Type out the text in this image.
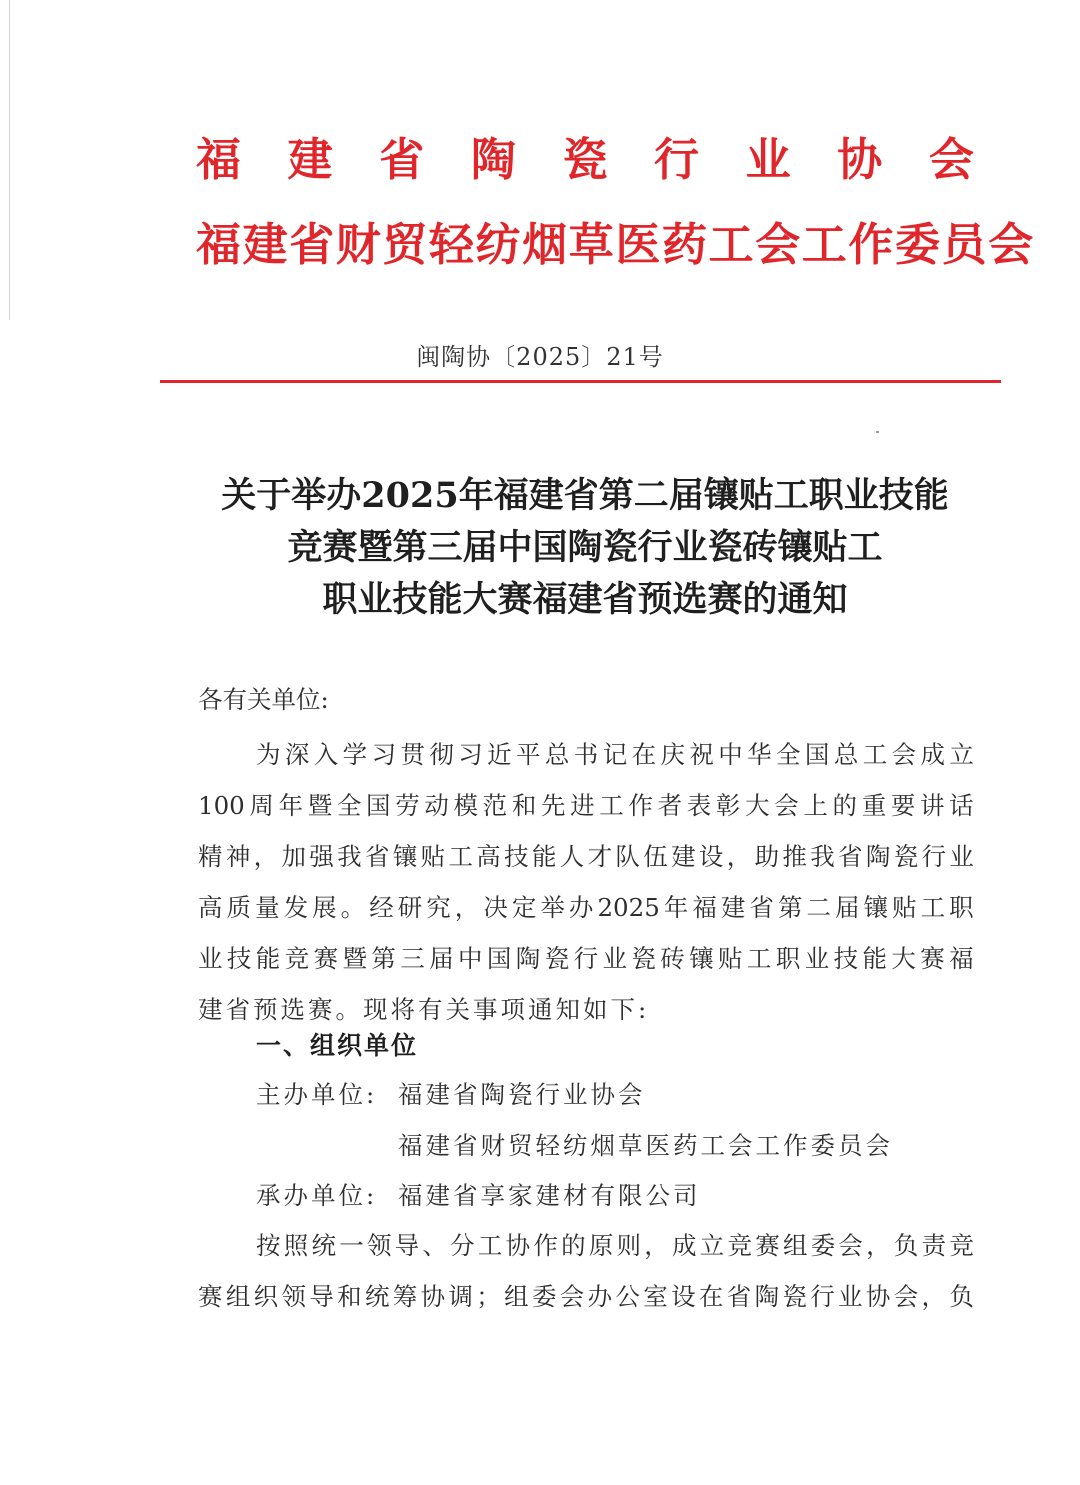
福 建 省 陶 瓷 行 业 协 会
福建省财贸轻纺烟草医药工会工作委员会
闽陶协〔2025〕21号
关于举办2025年福建省第二届镶贴工职业技能
竞赛暨第三届中国陶瓷行业瓷砖镶贴工
职业技能大赛福建省预选赛的通知
各有关单位:
为 深 入 学 习 贯 彻 习 近 平 总 书 记 在 庆 祝 中 华 全 国 总 工 会 成 立
100 周 年 暨 全 国 劳 动 模 范 和 先 进 工 作 者 表 彰 大 会 上 的 重 要 讲 话
精 神 ， 加 强 我 省 镶 贴 工 高 技 能 人 才 队 伍 建 设 ， 助 推 我 省 陶 瓷 行 业
高 质 量 发 展 。 经 研 究 ， 决 定 举 办 2025 年 福 建 省 第 二 届 镶 贴 工 职
业 技 能 竞 赛 暨 第 三 届 中 国 陶 瓷 行 业 瓷 砖 镶 贴 工 职 业 技 能 大 赛 福
建省预选赛。现将有关事项通知如下:
一、组织单位
主办单位: 福建省陶瓷行业协会
福建省财贸轻纺烟草医药工会工作委员会
承办单位: 福建省享家建材有限公司
按 照 统 一 领 导 、 分 工 协 作 的 原 则 ， 成 立 竞 赛 组 委 会 ， 负 责 竞
赛 组 织 领 导 和 统 筹 协 调 ； 组 委 会 办 公 室 设 在 省 陶 瓷 行 业 协 会 ， 负
